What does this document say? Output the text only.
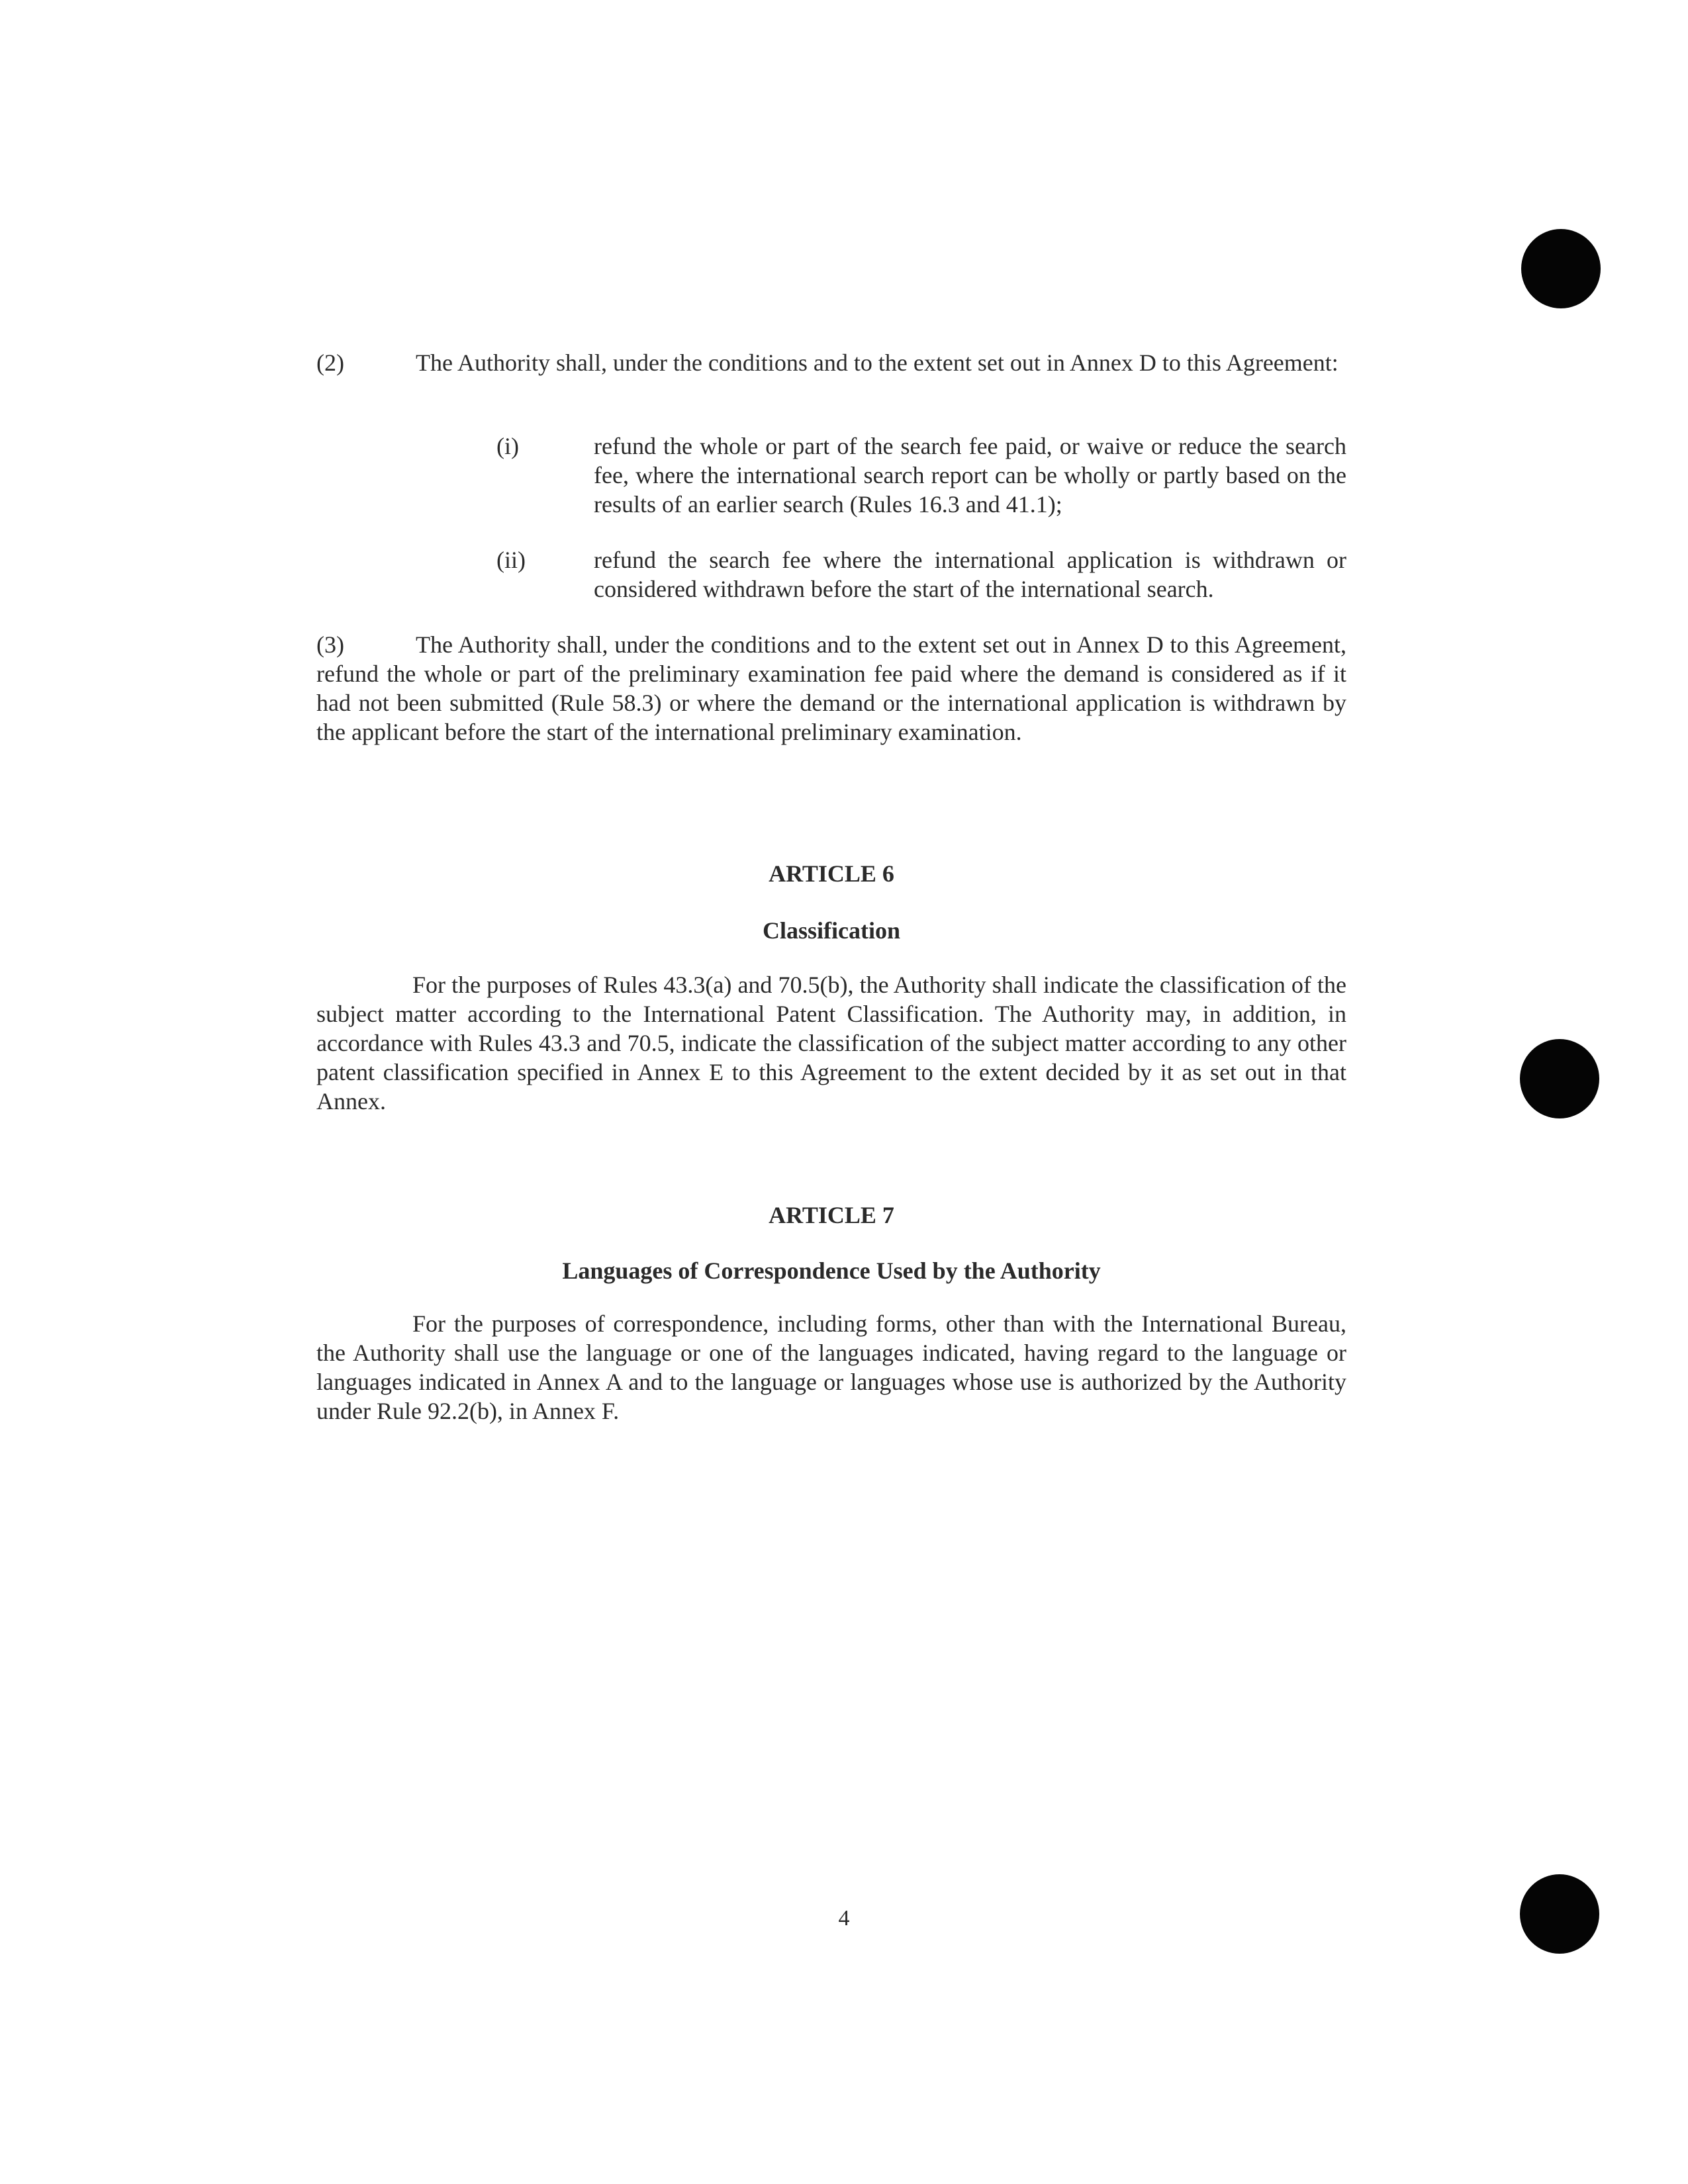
(2)	The Authority shall, under the conditions and to the extent set out in Annex D to this Agreement:
(i)	refund the whole or part of the search fee paid, or waive or reduce the search fee, where the international search report can be wholly or partly based on the results of an earlier search (Rules 16.3 and 41.1);
(ii)	refund the search fee where the international application is withdrawn or considered withdrawn before the start of the international search.
(3)	The Authority shall, under the conditions and to the extent set out in Annex D to this Agreement, refund the whole or part of the preliminary examination fee paid where the demand is considered as if it had not been submitted (Rule 58.3) or where the demand or the international application is withdrawn by the applicant before the start of the international preliminary examination.
ARTICLE 6
Classification
For the purposes of Rules 43.3(a) and 70.5(b), the Authority shall indicate the classification of the subject matter according to the International Patent Classification. The Authority may, in addition, in accordance with Rules 43.3 and 70.5, indicate the classification of the subject matter according to any other patent classification specified in Annex E to this Agreement to the extent decided by it as set out in that Annex.
ARTICLE 7
Languages of Correspondence Used by the Authority
For the purposes of correspondence, including forms, other than with the International Bureau, the Authority shall use the language or one of the languages indicated, having regard to the language or languages indicated in Annex A and to the language or languages whose use is authorized by the Authority under Rule 92.2(b), in Annex F.
4
